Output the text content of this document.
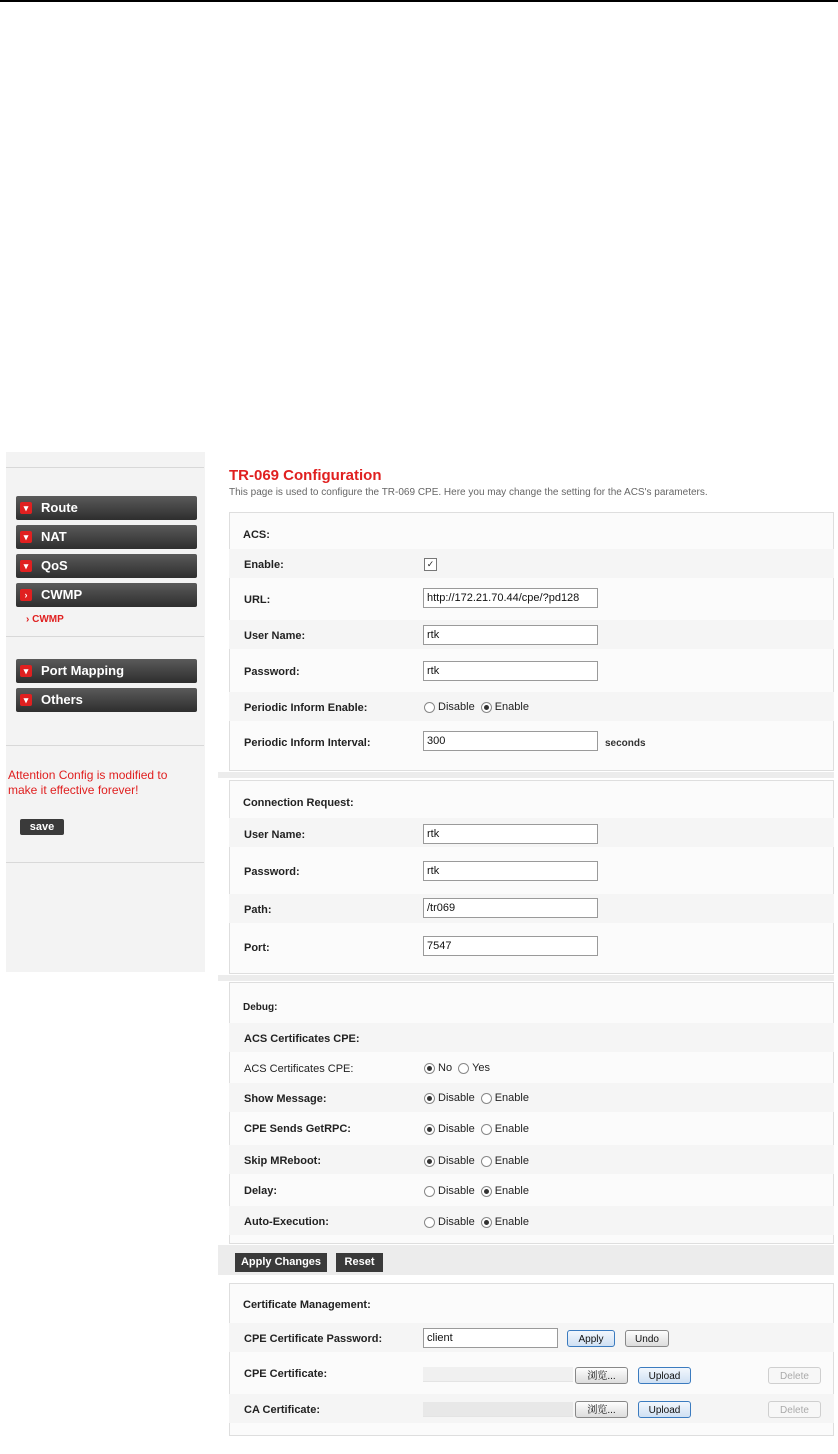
▾ Route
▾ NAT
▾ QoS
›	CWMP
› CWMP
▾ Port Mapping
▾ Others
Attention Config is modified to make it effective forever!
save
TR-069 Configuration
This page is used to configure the TR-069 CPE. Here you may change the setting for the ACS's parameters.
ACS:
Enable:	✓
URL:	http://172.21.70.44/cpe/?pd128
User Name:	rtk
Password:	rtk
Periodic Inform Enable:	Disable Enable
Periodic Inform Interval:	300	seconds
Connection Request:
User Name:	rtk
Password:	rtk
Path:	/tr069
Port:	7547
Debug:
ACS Certificates CPE:
ACS Certificates CPE:	No Yes
Show Message:	Disable Enable
CPE Sends GetRPC:	Disable Enable
Skip MReboot:	Disable Enable
Delay:	Disable Enable
Auto-Execution:	Disable Enable
Apply Changes	Reset
Certificate Management:
CPE Certificate Password:	client	Apply	Undo
CPE Certificate:	浏览...	Upload	Delete
CA Certificate:	浏览...	Upload	Delete
